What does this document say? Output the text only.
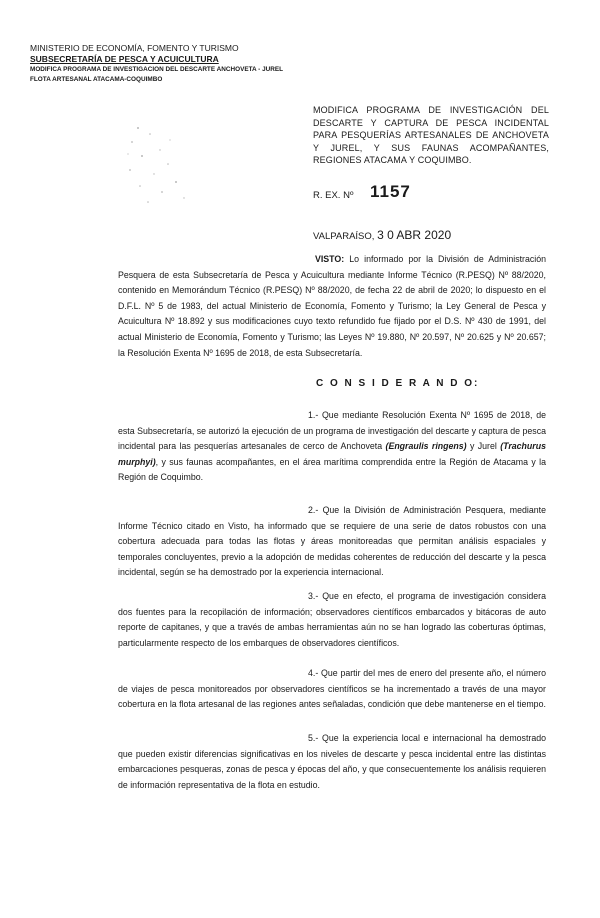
MINISTERIO DE ECONOMÍA, FOMENTO Y TURISMO
SUBSECRETARÍA DE PESCA Y ACUICULTURA
MODIFICA PROGRAMA DE INVESTIGACION DEL DESCARTE ANCHOVETA - JUREL
FLOTA ARTESANAL ATACAMA-COQUIMBO
MODIFICA PROGRAMA DE INVESTIGACIÓN DEL DESCARTE Y CAPTURA DE PESCA INCIDENTAL PARA PESQUERÍAS ARTESANALES DE ANCHOVETA Y JUREL, Y SUS FAUNAS ACOMPAÑANTES, REGIONES ATACAMA Y COQUIMBO.
R. EX. Nº 1157
VALPARAÍSO, 3 0 ABR 2020

VISTO: Lo informado por la División de Administración Pesquera de esta Subsecretaría de Pesca y Acuicultura mediante Informe Técnico (R.PESQ) Nº 88/2020, contenido en Memorándum Técnico (R.PESQ) Nº 88/2020, de fecha 22 de abril de 2020; lo dispuesto en el D.F.L. Nº 5 de 1983, del actual Ministerio de Economía, Fomento y Turismo; la Ley General de Pesca y Acuicultura Nº 18.892 y sus modificaciones cuyo texto refundido fue fijado por el D.S. Nº 430 de 1991, del actual Ministerio de Economía, Fomento y Turismo; las Leyes Nº 19.880, Nº 20.597, Nº 20.625 y Nº 20.657; la Resolución Exenta Nº 1695 de 2018, de esta Subsecretaría.

C O N S I D E R A N D O:

1.- Que mediante Resolución Exenta Nº 1695 de 2018, de esta Subsecretaría, se autorizó la ejecución de un programa de investigación del descarte y captura de pesca incidental para las pesquerías artesanales de cerco de Anchoveta (Engraulis ringens) y Jurel (Trachurus murphyi), y sus faunas acompañantes, en el área marítima comprendida entre la Región de Atacama y la Región de Coquimbo.

2.- Que la División de Administración Pesquera, mediante Informe Técnico citado en Visto, ha informado que se requiere de una serie de datos robustos con una cobertura adecuada para todas las flotas y áreas monitoreadas que permitan análisis espaciales y temporales concluyentes, previo a la adopción de medidas coherentes de reducción del descarte y la pesca incidental, según se ha demostrado por la experiencia internacional.

3.- Que en efecto, el programa de investigación considera dos fuentes para la recopilación de información; observadores científicos embarcados y bitácoras de auto reporte de capitanes, y que a través de ambas herramientas aún no se han logrado las coberturas óptimas, particularmente respecto de los embarques de observadores científicos.

4.- Que partir del mes de enero del presente año, el número de viajes de pesca monitoreados por observadores científicos se ha incrementado a través de una mayor cobertura en la flota artesanal de las regiones antes señaladas, condición que debe mantenerse en el tiempo.

5.- Que la experiencia local e internacional ha demostrado que pueden existir diferencias significativas en los niveles de descarte y pesca incidental entre las distintas embarcaciones pesqueras, zonas de pesca y épocas del año, y que consecuentemente los análisis requieren de información representativa de la flota en estudio.
